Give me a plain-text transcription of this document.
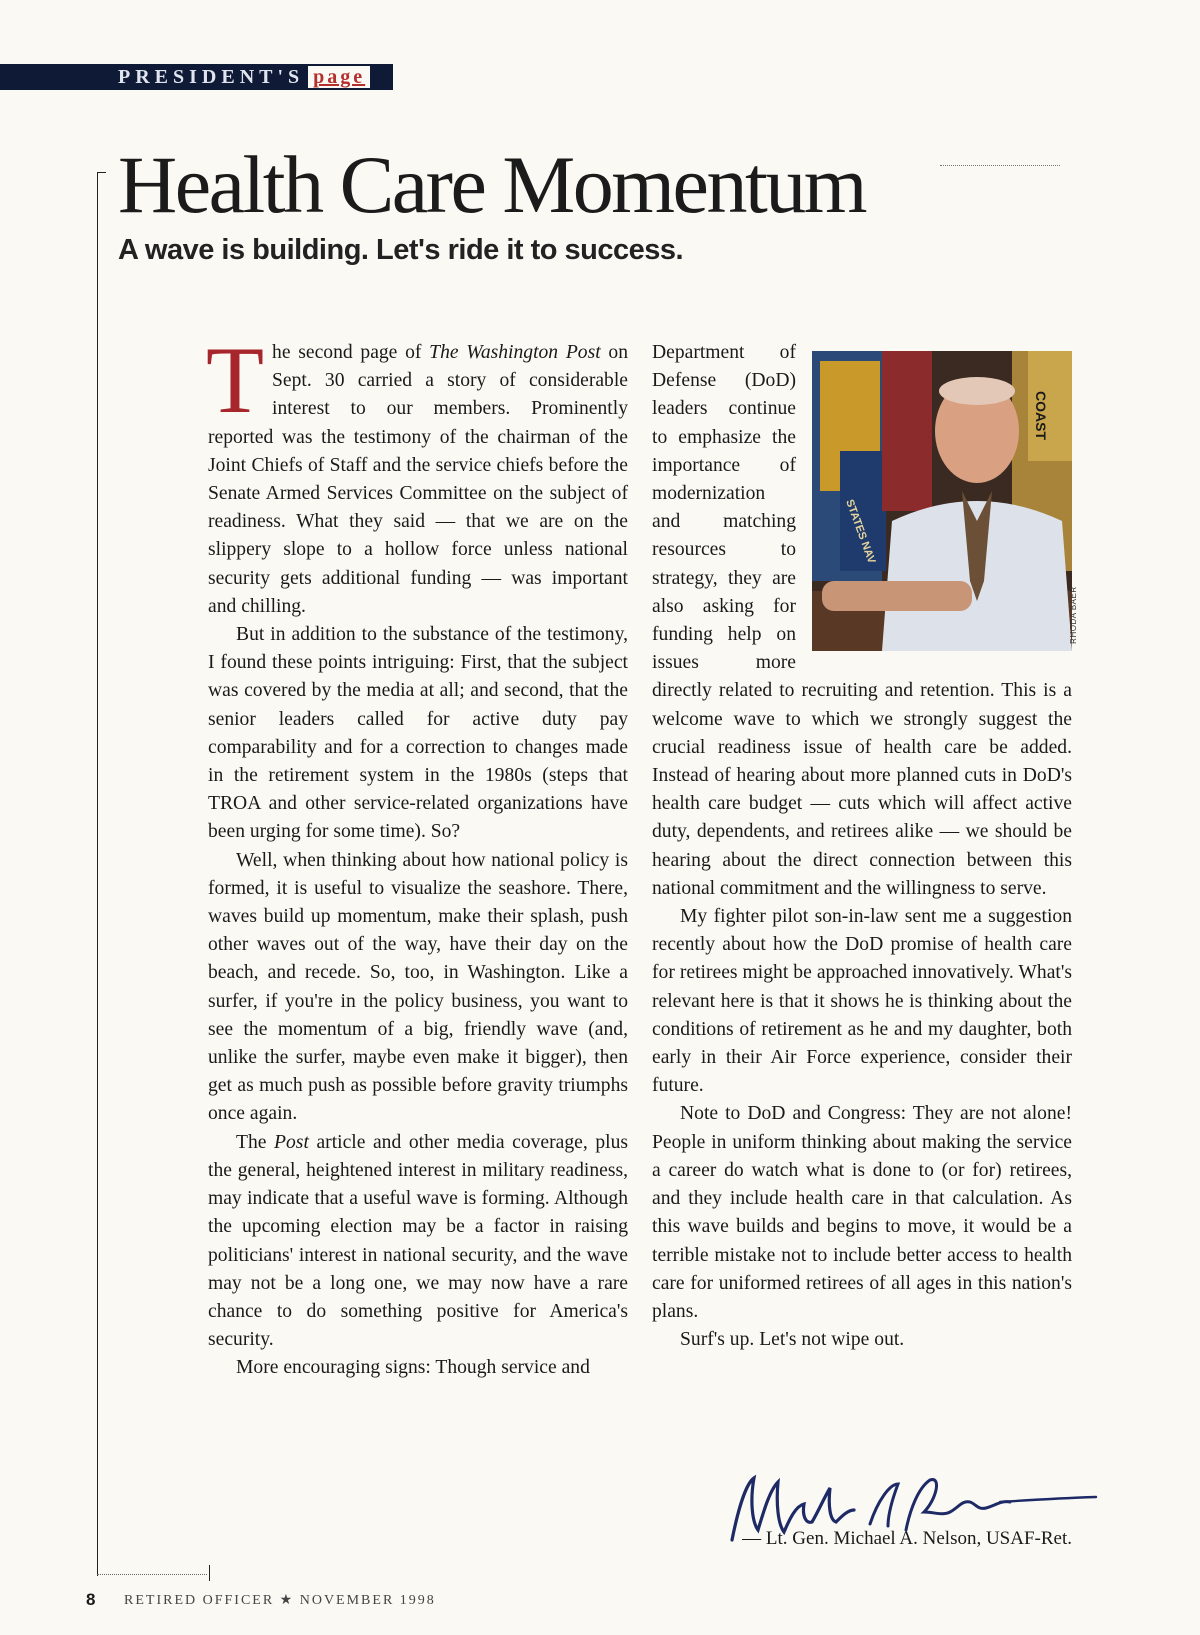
PRESIDENT'S page

Health Care Momentum
A wave is building. Let's ride it to success.

The second page of The Washington Post on Sept. 30 carried a story of considerable interest to our members. Prominently reported was the testimony of the chairman of the Joint Chiefs of Staff and the service chiefs before the Senate Armed Services Committee on the subject of readiness. What they said — that we are on the slippery slope to a hollow force unless national security gets additional funding — was important and chilling.

But in addition to the substance of the testimony, I found these points intriguing: First, that the subject was covered by the media at all; and second, that the senior leaders called for active duty pay comparability and for a correction to changes made in the retirement system in the 1980s (steps that TROA and other service-related organizations have been urging for some time). So?

Well, when thinking about how national policy is formed, it is useful to visualize the seashore. There, waves build up momentum, make their splash, push other waves out of the way, have their day on the beach, and recede. So, too, in Washington. Like a surfer, if you're in the policy business, you want to see the momentum of a big, friendly wave (and, unlike the surfer, maybe even make it bigger), then get as much push as possible before gravity triumphs once again.

The Post article and other media coverage, plus the general, heightened interest in military readiness, may indicate that a useful wave is forming. Although the upcoming election may be a factor in raising politicians' interest in national security, and the wave may not be a long one, we may now have a rare chance to do something positive for America's security.

More encouraging signs: Though service and

COAST
STATES NAV
RHODA BAER
Department of Defense (DoD) leaders continue to emphasize the importance of modernization and matching resources to strategy, they are also asking for funding help on issues more directly related to recruiting and retention. This is a welcome wave to which we strongly suggest the crucial readiness issue of health care be added. Instead of hearing about more planned cuts in DoD's health care budget — cuts which will affect active duty, dependents, and retirees alike — we should be hearing about the direct connection between this national commitment and the willingness to serve.

My fighter pilot son-in-law sent me a suggestion recently about how the DoD promise of health care for retirees might be approached innovatively. What's relevant here is that it shows he is thinking about the conditions of retirement as he and my daughter, both early in their Air Force experience, consider their future.

Note to DoD and Congress: They are not alone! People in uniform thinking about making the service a career do watch what is done to (or for) retirees, and they include health care in that calculation. As this wave builds and begins to move, it would be a terrible mistake not to include better access to health care for uniformed retirees of all ages in this nation's plans.

Surf's up. Let's not wipe out.

— Lt. Gen. Michael A. Nelson, USAF-Ret.

8 RETIRED OFFICER ★ NOVEMBER 1998
